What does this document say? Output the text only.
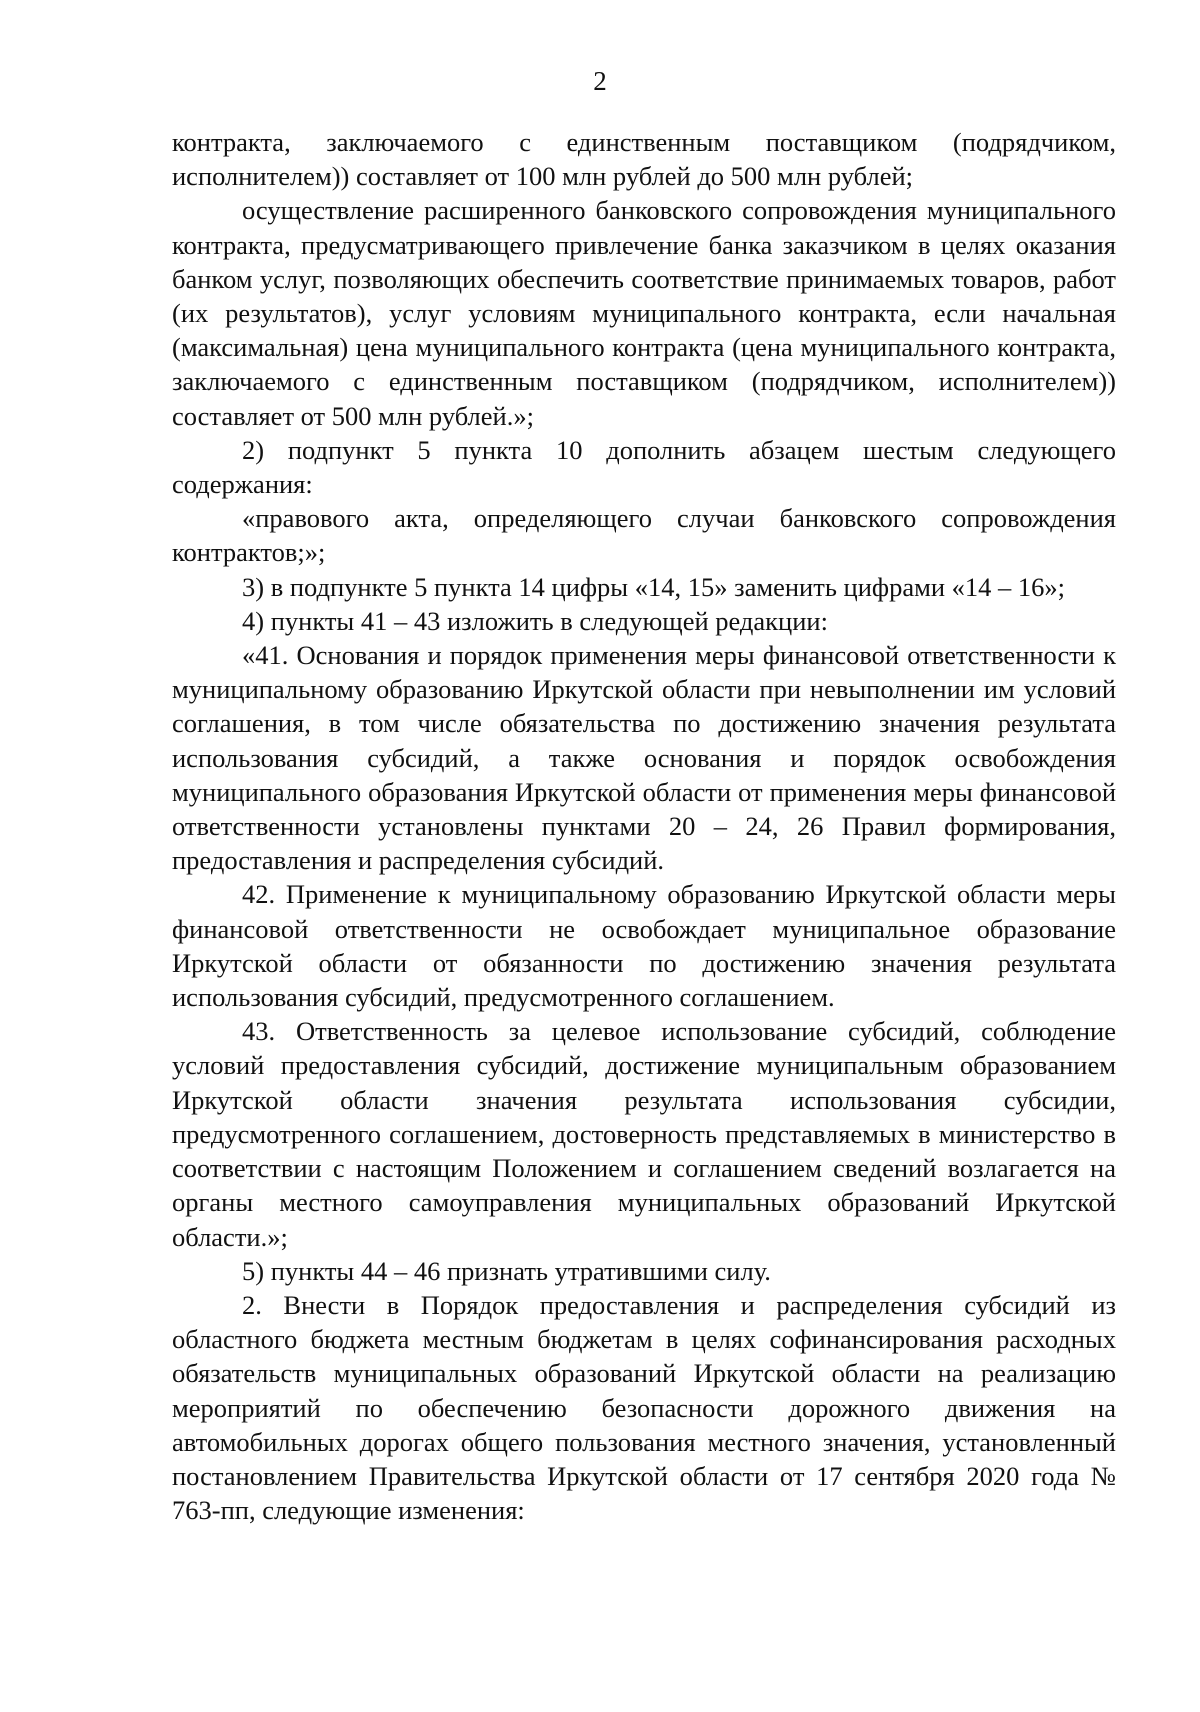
2

контракта, заключаемого с единственным поставщиком (подрядчиком, исполнителем)) составляет от 100 млн рублей до 500 млн рублей;

осуществление расширенного банковского сопровождения муниципального контракта, предусматривающего привлечение банка заказчиком в целях оказания банком услуг, позволяющих обеспечить соответствие принимаемых товаров, работ (их результатов), услуг условиям муниципального контракта, если начальная (максимальная) цена муниципального контракта (цена муниципального контракта, заключаемого с единственным поставщиком (подрядчиком, исполнителем)) составляет от 500 млн рублей.»;

2) подпункт 5 пункта 10 дополнить абзацем шестым следующего содержания:

«правового акта, определяющего случаи банковского сопровождения контрактов;»;

3) в подпункте 5 пункта 14 цифры «14, 15» заменить цифрами «14 – 16»;

4) пункты 41 – 43 изложить в следующей редакции:

«41. Основания и порядок применения меры финансовой ответственности к муниципальному образованию Иркутской области при невыполнении им условий соглашения, в том числе обязательства по достижению значения результата использования субсидий, а также основания и порядок освобождения муниципального образования Иркутской области от применения меры финансовой ответственности установлены пунктами 20 – 24, 26 Правил формирования, предоставления и распределения субсидий.

42. Применение к муниципальному образованию Иркутской области меры финансовой ответственности не освобождает муниципальное образование Иркутской области от обязанности по достижению значения результата использования субсидий, предусмотренного соглашением.

43. Ответственность за целевое использование субсидий, соблюдение условий предоставления субсидий, достижение муниципальным образованием Иркутской области значения результата использования субсидии, предусмотренного соглашением, достоверность представляемых в министерство в соответствии с настоящим Положением и соглашением сведений возлагается на органы местного самоуправления муниципальных образований Иркутской области.»;

5) пункты 44 – 46 признать утратившими силу.

2. Внести в Порядок предоставления и распределения субсидий из областного бюджета местным бюджетам в целях софинансирования расходных обязательств муниципальных образований Иркутской области на реализацию мероприятий по обеспечению безопасности дорожного движения на автомобильных дорогах общего пользования местного значения, установленный постановлением Правительства Иркутской области от 17 сентября 2020 года № 763-пп, следующие изменения:
